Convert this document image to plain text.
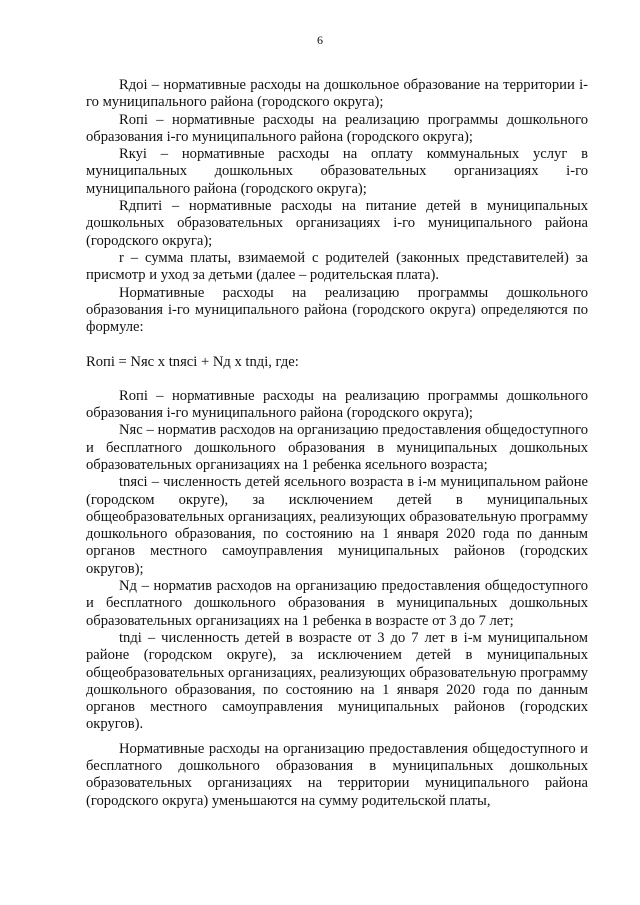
6

Rдоi – нормативные расходы на дошкольное образование на территории i-го муниципального района (городского округа);

Rопi – нормативные расходы на реализацию программы дошкольного образования i-го муниципального района (городского округа);

Rкуi – нормативные расходы на оплату коммунальных услуг в муниципальных дошкольных образовательных организациях i-го муниципального района (городского округа);

Rдпитi – нормативные расходы на питание детей в муниципальных дошкольных образовательных организациях i-го муниципального района (городского округа);

r – сумма платы, взимаемой с родителей (законных представителей) за присмотр и уход за детьми (далее – родительская плата).

Нормативные расходы на реализацию программы дошкольного образования i-го муниципального района (городского округа) определяются по формуле:

Rопi = Nяс х tnясi + Nд х tnдi, где:

Rопi – нормативные расходы на реализацию программы дошкольного образования i-го муниципального района (городского округа);

Nяс – норматив расходов на организацию предоставления общедоступного и бесплатного дошкольного образования в муниципальных дошкольных образовательных организациях на 1 ребенка ясельного возраста;

tnясi – численность детей ясельного возраста в i-м муниципальном районе (городском округе), за исключением детей в муниципальных общеобразовательных организациях, реализующих образовательную программу дошкольного образования, по состоянию на 1 января 2020 года по данным органов местного самоуправления муниципальных районов (городских округов);

Nд – норматив расходов на организацию предоставления общедоступного и бесплатного дошкольного образования в муниципальных дошкольных образовательных организациях на 1 ребенка в возрасте от 3 до 7 лет;

tnдi – численность детей в возрасте от 3 до 7 лет в i-м муниципальном районе (городском округе), за исключением детей в муниципальных общеобразовательных организациях, реализующих образовательную программу дошкольного образования, по состоянию на 1 января 2020 года по данным органов местного самоуправления муниципальных районов (городских округов).

Нормативные расходы на организацию предоставления общедоступного и бесплатного дошкольного образования в муниципальных дошкольных образовательных организациях на территории муниципального района (городского округа) уменьшаются на сумму родительской платы,
